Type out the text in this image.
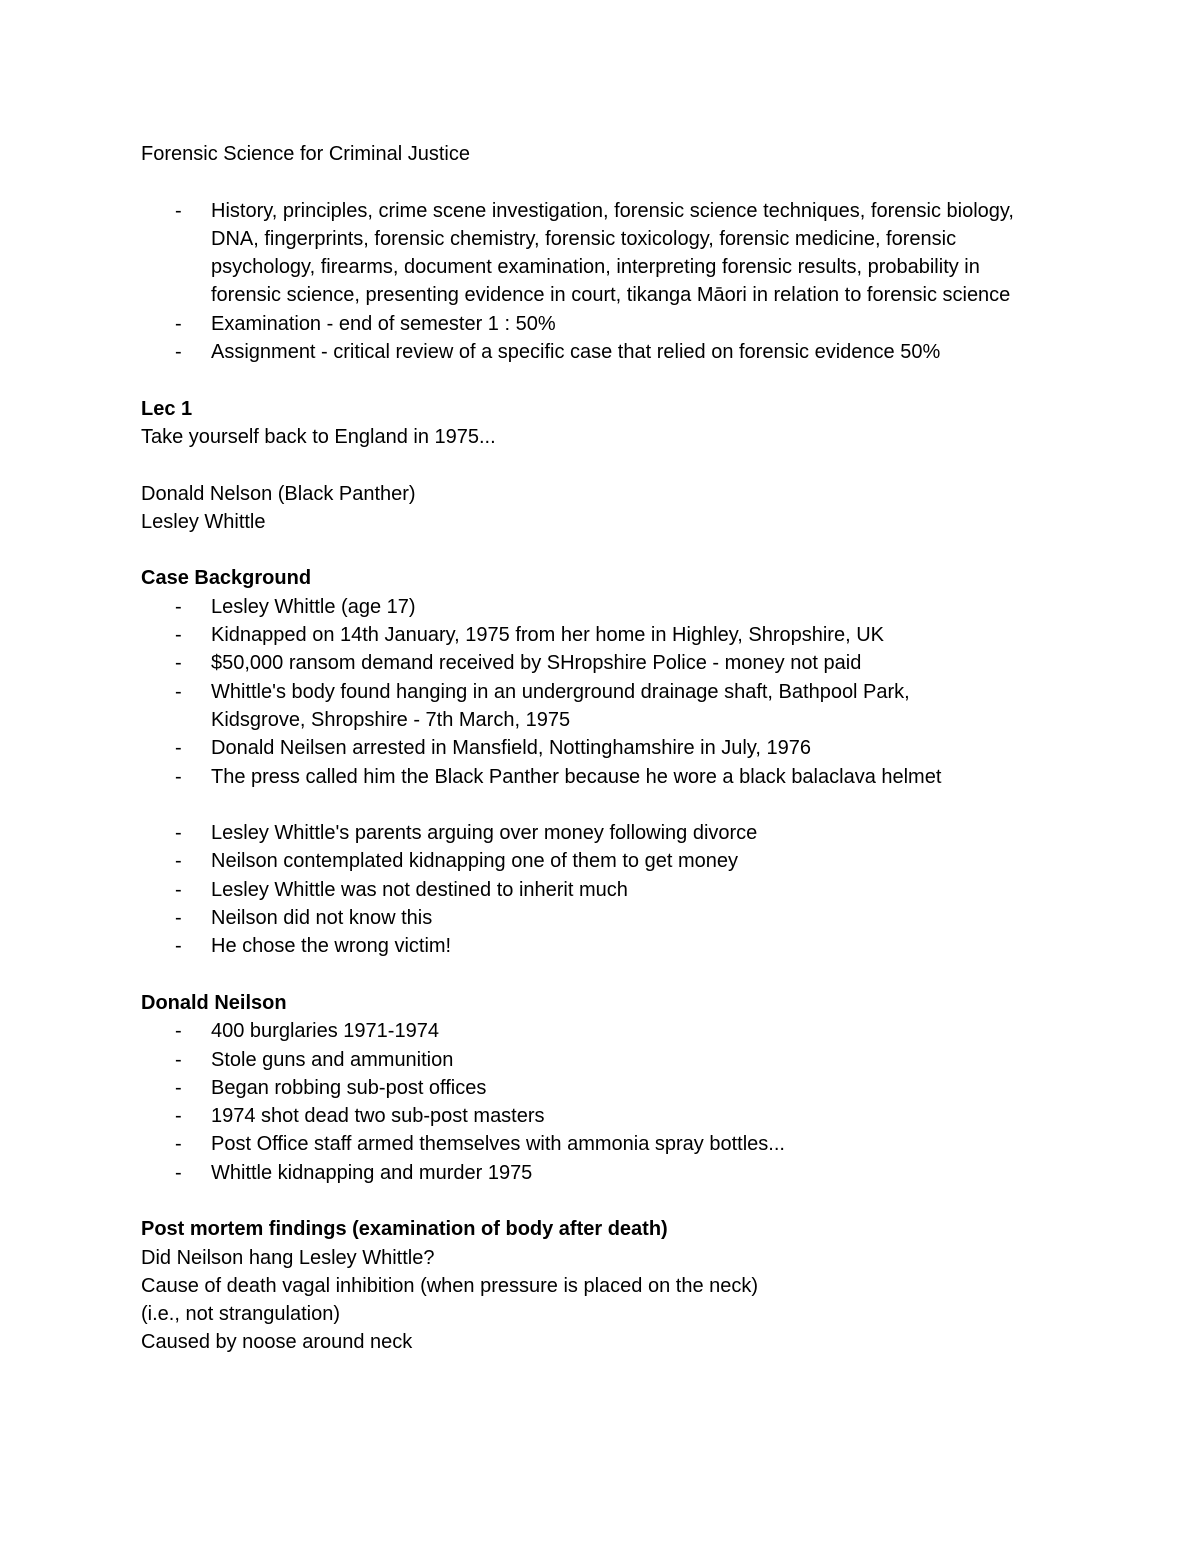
Forensic Science for Criminal Justice

- History, principles, crime scene investigation, forensic science techniques, forensic biology, DNA, fingerprints, forensic chemistry, forensic toxicology, forensic medicine, forensic psychology, firearms, document examination, interpreting forensic results, probability in forensic science, presenting evidence in court, tikanga Māori in relation to forensic science
- Examination - end of semester 1 : 50%
- Assignment - critical review of a specific case that relied on forensic evidence 50%

Lec 1

Take yourself back to England in 1975...

Donald Nelson (Black Panther)

Lesley Whittle

Case Background

- Lesley Whittle (age 17)
- Kidnapped on 14th January, 1975 from her home in Highley, Shropshire, UK
- $50,000 ransom demand received by SHropshire Police - money not paid
- Whittle's body found hanging in an underground drainage shaft, Bathpool Park, Kidsgrove, Shropshire - 7th March, 1975
- Donald Neilsen arrested in Mansfield, Nottinghamshire in July, 1976
- The press called him the Black Panther because he wore a black balaclava helmet
- Lesley Whittle's parents arguing over money following divorce
- Neilson contemplated kidnapping one of them to get money
- Lesley Whittle was not destined to inherit much
- Neilson did not know this
- He chose the wrong victim!

Donald Neilson

- 400 burglaries 1971-1974
- Stole guns and ammunition
- Began robbing sub-post offices
- 1974 shot dead two sub-post masters
- Post Office staff armed themselves with ammonia spray bottles...
- Whittle kidnapping and murder 1975

Post mortem findings (examination of body after death)

Did Neilson hang Lesley Whittle?

Cause of death vagal inhibition (when pressure is placed on the neck)

(i.e., not strangulation)

Caused by noose around neck
